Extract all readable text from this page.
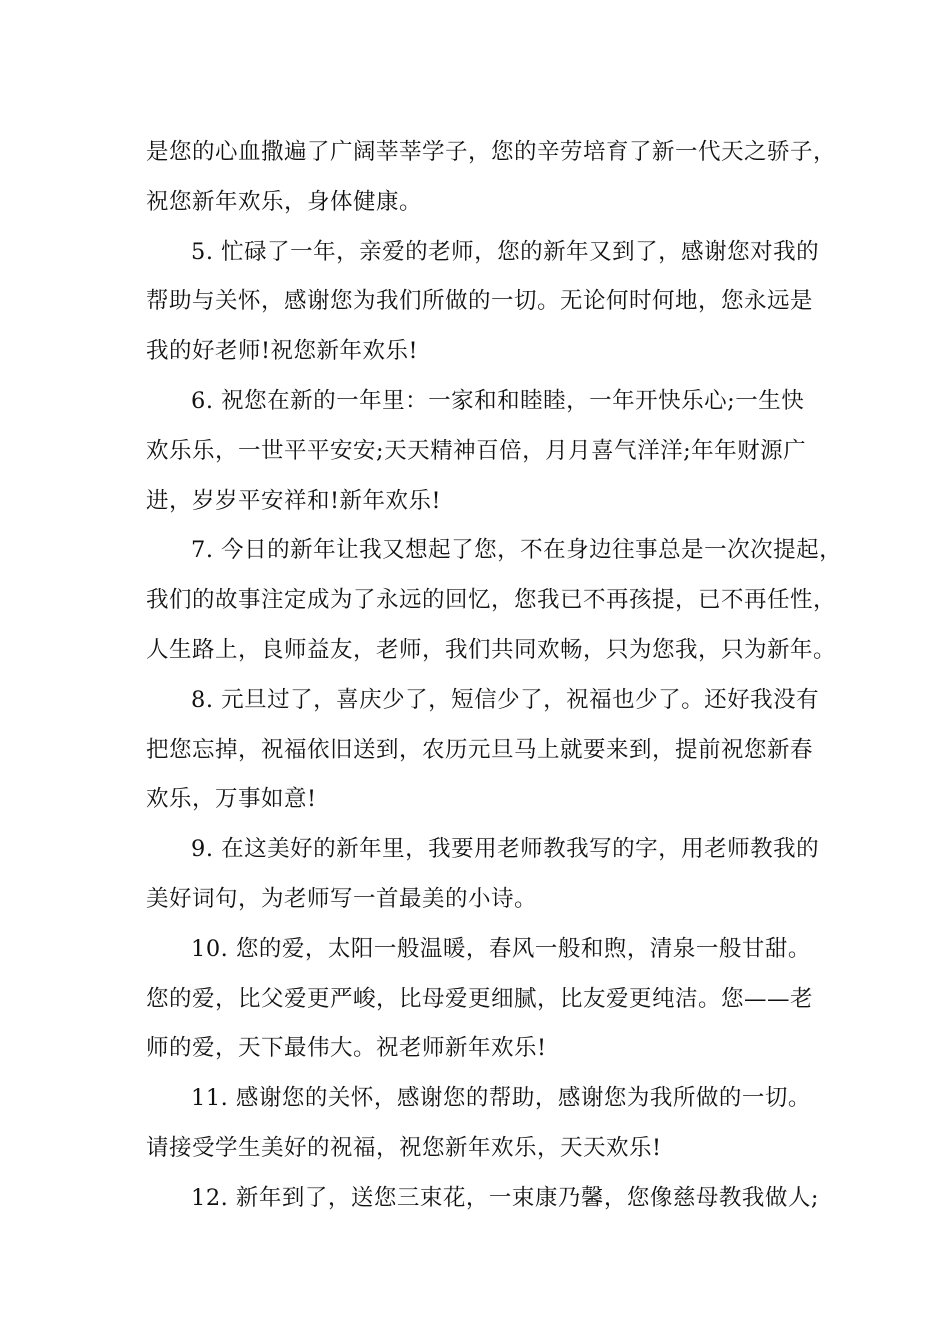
是您的心血撒遍了广阔莘莘学子，您的辛劳培育了新一代天之骄子，
祝您新年欢乐，身体健康。
5. 忙碌了一年，亲爱的老师，您的新年又到了，感谢您对我的
帮助与关怀，感谢您为我们所做的一切。无论何时何地，您永远是
我的好老师!祝您新年欢乐!
6. 祝您在新的一年里：一家和和睦睦，一年开快乐心;一生快
欢乐乐，一世平平安安;天天精神百倍，月月喜气洋洋;年年财源广
进，岁岁平安祥和!新年欢乐!
7. 今日的新年让我又想起了您，不在身边往事总是一次次提起，
我们的故事注定成为了永远的回忆，您我已不再孩提，已不再任性，
人生路上，良师益友，老师，我们共同欢畅，只为您我，只为新年。
8. 元旦过了，喜庆少了，短信少了，祝福也少了。还好我没有
把您忘掉，祝福依旧送到，农历元旦马上就要来到，提前祝您新春
欢乐，万事如意!
9. 在这美好的新年里，我要用老师教我写的字，用老师教我的
美好词句，为老师写一首最美的小诗。
10. 您的爱，太阳一般温暖，春风一般和煦，清泉一般甘甜。
您的爱，比父爱更严峻，比母爱更细腻，比友爱更纯洁。您——老
师的爱，天下最伟大。祝老师新年欢乐!
11. 感谢您的关怀，感谢您的帮助，感谢您为我所做的一切。
请接受学生美好的祝福，祝您新年欢乐，天天欢乐!
12. 新年到了，送您三束花，一束康乃馨，您像慈母教我做人;
